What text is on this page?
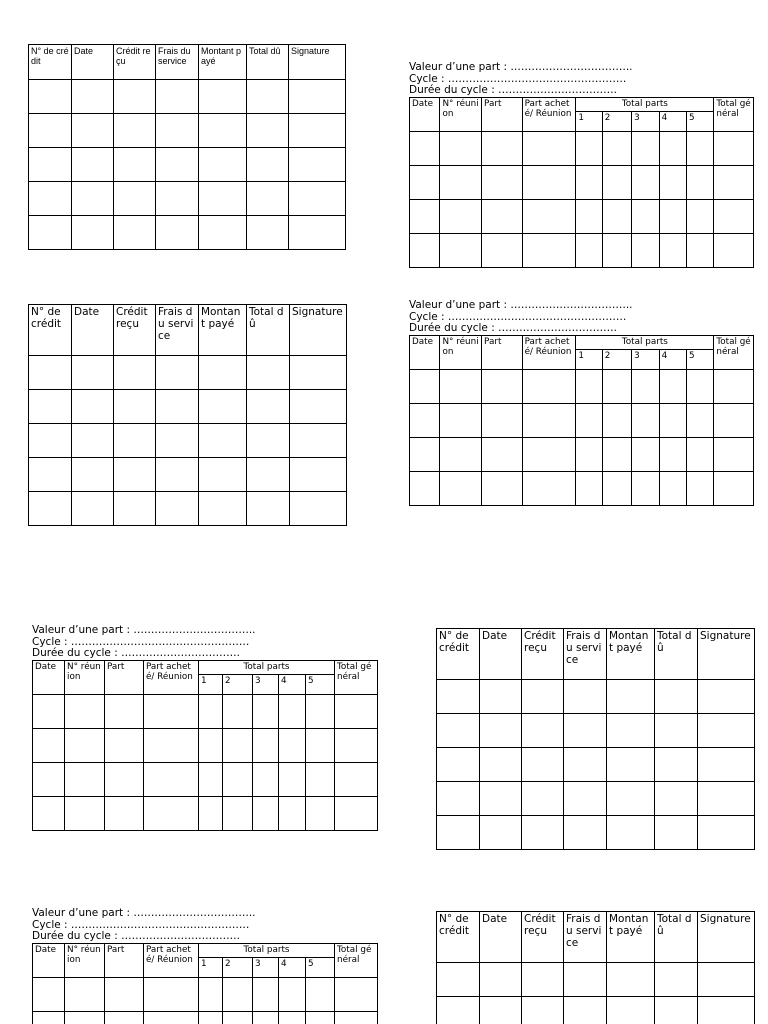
N° de crédit	Date	Crédit reçu	Frais du service	Montant payé	Total dû	Signature

Valeur d’une part : ……………………………..
Cycle : ……………………………………………
Durée du cycle : …………………………….
Date	N° réunion	Part	Part acheté/ Réunion	Total parts					Total général
				1	2	3	4	5	

N° de crédit	Date	Crédit reçu	Frais du service	Montant payé	Total dû	Signature

Valeur d’une part : ……………………………..
Cycle : ……………………………………………
Durée du cycle : …………………………….
Date	N° réunion	Part	Part acheté/ Réunion	Total parts					Total général
				1	2	3	4	5	

Valeur d’une part : ……………………………..
Cycle : ……………………………………………
Durée du cycle : …………………………….
Date	N° réunion	Part	Part acheté/ Réunion	Total parts					Total général
				1	2	3	4	5	

N° de crédit	Date	Crédit reçu	Frais du service	Montant payé	Total dû	Signature

Valeur d’une part : ……………………………..
Cycle : ……………………………………………
Durée du cycle : …………………………….
Date	N° réunion	Part	Part acheté/ Réunion	Total parts					Total général
				1	2	3	4	5	

N° de crédit	Date	Crédit reçu	Frais du service	Montant payé	Total dû	Signature
